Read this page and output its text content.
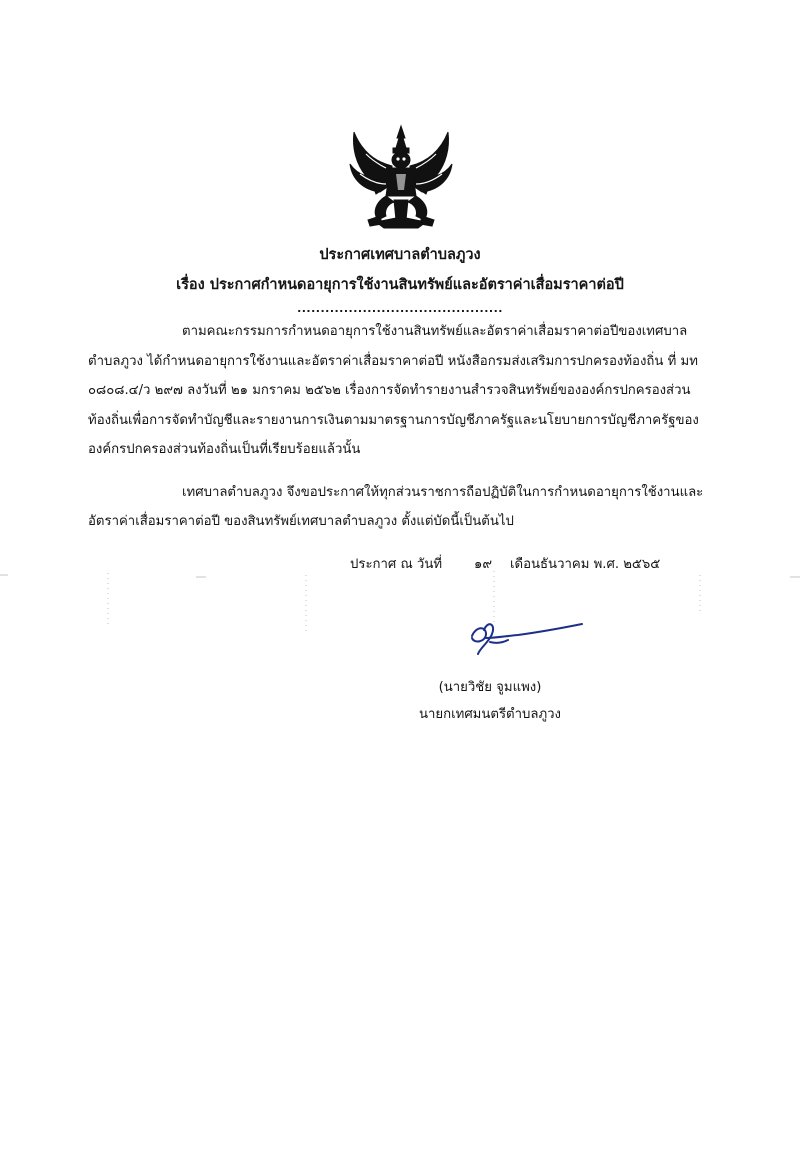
ประกาศเทศบาลตำบลภูวง
เรื่อง ประกาศกำหนดอายุการใช้งานสินทรัพย์และอัตราค่าเสื่อมราคาต่อปี
............................................
ตามคณะกรรมการกำหนดอายุการใช้งานสินทรัพย์และอัตราค่าเสื่อมราคาต่อปีของเทศบาล
ตำบลภูวง ได้กำหนดอายุการใช้งานและอัตราค่าเสื่อมราคาต่อปี หนังสือกรมส่งเสริมการปกครองท้องถิ่น ที่ มท
๐๘๐๘.๔/ว ๒๙๗ ลงวันที่ ๒๑ มกราคม ๒๕๖๒ เรื่องการจัดทำรายงานสำรวจสินทรัพย์ขององค์กรปกครองส่วน
ท้องถิ่นเพื่อการจัดทำบัญชีและรายงานการเงินตามมาตรฐานการบัญชีภาครัฐและนโยบายการบัญชีภาครัฐของ
องค์กรปกครองส่วนท้องถิ่นเป็นที่เรียบร้อยแล้วนั้น
เทศบาลตำบลภูวง จึงขอประกาศให้ทุกส่วนราชการถือปฏิบัติในการกำหนดอายุการใช้งานและ
อัตราค่าเสื่อมราคาต่อปี ของสินทรัพย์เทศบาลตำบลภูวง ตั้งแต่บัดนี้เป็นต้นไป
ประกาศ ณ วันที่ ๑๙ เดือนธันวาคม พ.ศ. ๒๕๖๕
(นายวิชัย จูมแพง)
นายกเทศมนตรีตำบลภูวง
